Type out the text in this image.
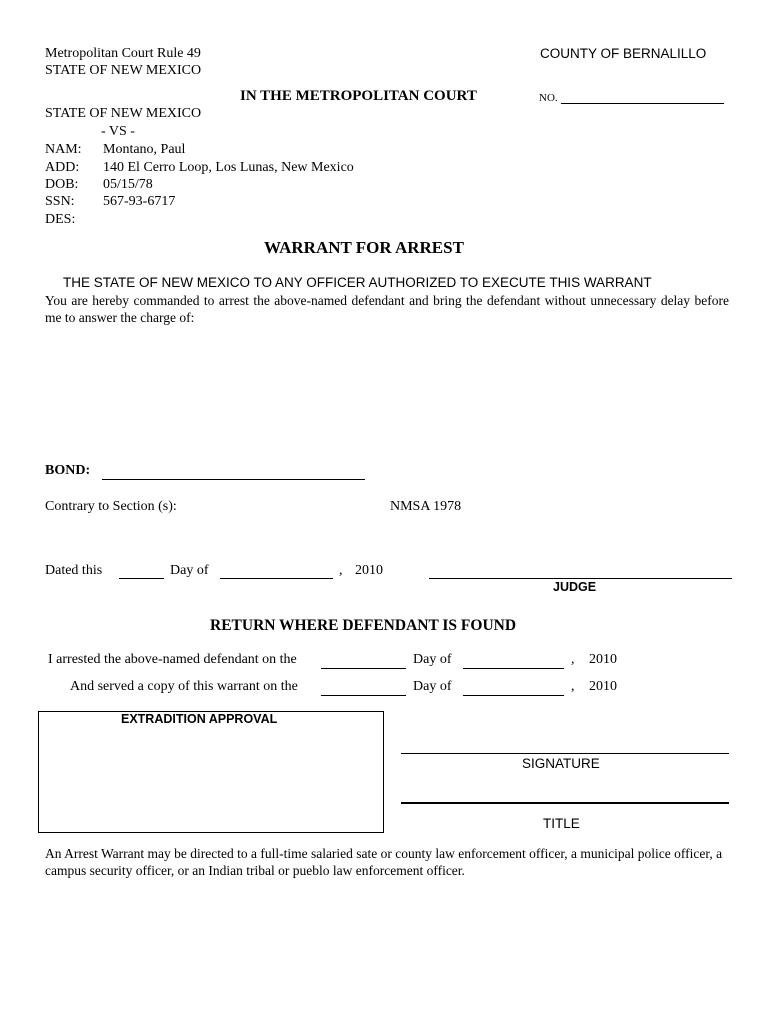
Metropolitan Court Rule 49
STATE OF NEW MEXICO
COUNTY OF BERNALILLO
IN THE METROPOLITAN COURT	NO.
STATE OF NEW MEXICO
- VS -
NAM: Montano, Paul
ADD: 140 El Cerro Loop, Los Lunas, New Mexico
DOB: 05/15/78
SSN: 567-93-6717
DES:
WARRANT FOR ARREST
THE STATE OF NEW MEXICO TO ANY OFFICER AUTHORIZED TO EXECUTE THIS WARRANT
You are hereby commanded to arrest the above-named defendant and bring the defendant without unnecessary delay before me to answer the charge of:
BOND:
Contrary to Section (s):	NMSA 1978
Dated this	Day of	, 2010
JUDGE
RETURN WHERE DEFENDANT IS FOUND
I arrested the above-named defendant on the	Day of	, 2010
And served a copy of this warrant on the	Day of	, 2010
EXTRADITION APPROVAL
SIGNATURE
TITLE
An Arrest Warrant may be directed to a full-time salaried sate or county law enforcement officer, a municipal police officer, a campus security officer, or an Indian tribal or pueblo law enforcement officer.
